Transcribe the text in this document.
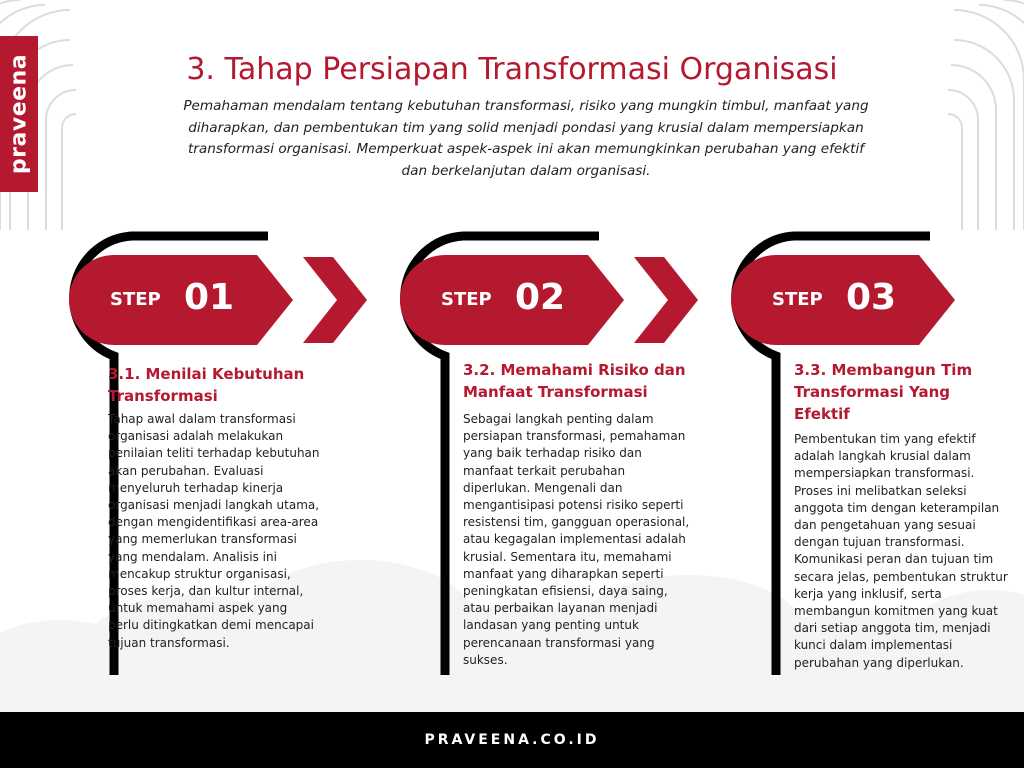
praveena	3. Tahap Persiapan Transformasi Organisasi

Pemahaman mendalam tentang kebutuhan transformasi, risiko yang mungkin timbul, manfaat yang diharapkan, dan pembentukan tim yang solid menjadi pondasi yang krusial dalam mempersiapkan transformasi organisasi. Memperkuat aspek-aspek ini akan memungkinkan perubahan yang efektif dan berkelanjutan dalam organisasi.

STEP 01
3.1. Menilai Kebutuhan Transformasi

Tahap awal dalam transformasi organisasi adalah melakukan penilaian teliti terhadap kebutuhan akan perubahan. Evaluasi menyeluruh terhadap kinerja organisasi menjadi langkah utama, dengan mengidentifikasi area-area yang memerlukan transformasi yang mendalam. Analisis ini mencakup struktur organisasi, proses kerja, dan kultur internal, untuk memahami aspek yang perlu ditingkatkan demi mencapai tujuan transformasi.

STEP 02
3.2. Memahami Risiko dan Manfaat Transformasi

Sebagai langkah penting dalam persiapan transformasi, pemahaman yang baik terhadap risiko dan manfaat terkait perubahan diperlukan. Mengenali dan mengantisipasi potensi risiko seperti resistensi tim, gangguan operasional, atau kegagalan implementasi adalah krusial. Sementara itu, memahami manfaat yang diharapkan seperti peningkatan efisiensi, daya saing, atau perbaikan layanan menjadi landasan yang penting untuk perencanaan transformasi yang sukses.

STEP 03
3.3. Membangun Tim Transformasi Yang Efektif

Pembentukan tim yang efektif adalah langkah krusial dalam mempersiapkan transformasi. Proses ini melibatkan seleksi anggota tim dengan keterampilan dan pengetahuan yang sesuai dengan tujuan transformasi. Komunikasi peran dan tujuan tim secara jelas, pembentukan struktur kerja yang inklusif, serta membangun komitmen yang kuat dari setiap anggota tim, menjadi kunci dalam implementasi perubahan yang diperlukan.

PRAVEENA.CO.ID
